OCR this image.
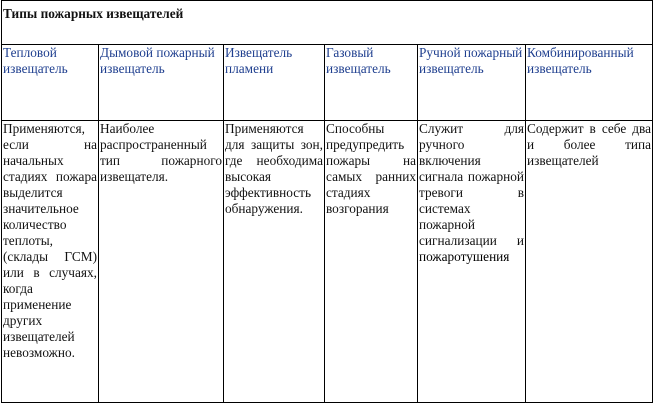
Типы пожарных извещателей					
Тепловой извещатель	Дымовой пожарный извещатель	Извещатель пламени	Газовый извещатель	Ручной пожарный извещатель	Комбинированный извещатель
Применяются, если на начальных стадиях пожара выделится значительное количество теплоты, (склады ГСМ) или в случаях, когда применение других извещателей невозможно.	Наиболее распространенный тип пожарного извещателя.	Применяются для защиты зон, где необходима высокая эффективность обнаружения.	Способны предупредить пожары на самых ранних стадиях возгорания	Служит для ручного включения сигнала пожарной тревоги в системах пожарной сигнализации и пожаротушения	Содержит в себе два и более типа извещателей
